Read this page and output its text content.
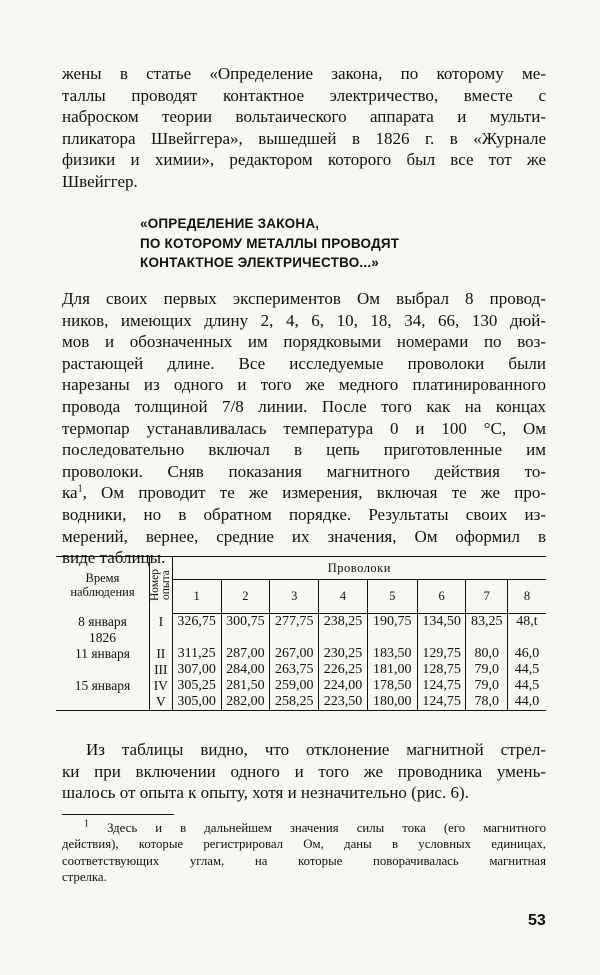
жены в статье «Определение закона, по которому ме-
таллы проводят контактное электричество, вместе с
наброском теории вольтаического аппарата и мульти-
пликатора Швейггера», вышедшей в 1826 г. в «Журнале
физики и химии», редактором которого был все тот же
Швейггер.
«ОПРЕДЕЛЕНИЕ ЗАКОНА,
ПО КОТОРОМУ МЕТАЛЛЫ ПРОВОДЯТ
КОНТАКТНОЕ ЭЛЕКТРИЧЕСТВО...»
Для своих первых экспериментов Ом выбрал 8 провод-
ников, имеющих длину 2, 4, 6, 10, 18, 34, 66, 130 дюй-
мов и обозначенных им порядковыми номерами по воз-
растающей длине. Все исследуемые проволоки были
нарезаны из одного и того же медного платинированного
провода толщиной 7/8 линии. После того как на концах
термопар устанавливалась температура 0 и 100 °С, Ом
последовательно включал в цепь приготовленные им
проволоки. Сняв показания магнитного действия то-
$ка^1$, Ом проводит те же измерения, включая те же про-
водники, но в обратном порядке. Результаты своих из-
мерений, вернее, средние их значения, Ом оформил в
виде таблицы.
Время наблюдения	Номер опыта	Проволоки							
		1	2	3	4	5	6	7	8
8 января	I	326,75	300,75	277,75	238,25	190,75	134,50	83,25	48,t
1826									
11 января	II	311,25	287,00	267,00	230,25	183,50	129,75	80,0	46,0
	III	307,00	284,00	263,75	226,25	181,00	128,75	79,0	44,5
15 января	IV	305,25	281,50	259,00	224,00	178,50	124,75	79,0	44,5
	V	305,00	282,00	258,25	223,50	180,00	124,75	78,0	44,0
Из таблицы видно, что отклонение магнитной стрел-
ки при включении одного и того же проводника умень-
шалось от опыта к опыту, хотя и незначительно (рис. 6).
$^1$ Здесь и в дальнейшем значения силы тока (его магнитного
действия), которые регистрировал Ом, даны в условных единицах,
соответствующих углам, на которые поворачивалась магнитная
стрелка.
53
